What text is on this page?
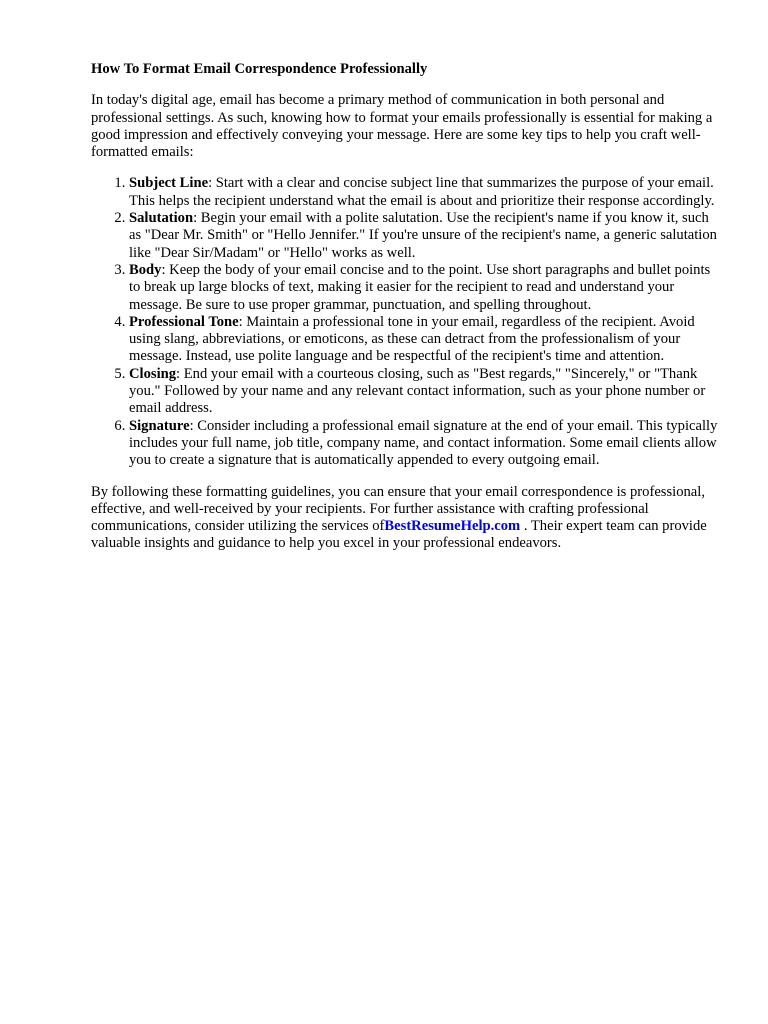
How To Format Email Correspondence Professionally

In today's digital age, email has become a primary method of communication in both personal and professional settings. As such, knowing how to format your emails professionally is essential for making a good impression and effectively conveying your message. Here are some key tips to help you craft well-formatted emails:

1. Subject Line: Start with a clear and concise subject line that summarizes the purpose of your email. This helps the recipient understand what the email is about and prioritize their response accordingly.
2. Salutation: Begin your email with a polite salutation. Use the recipient's name if you know it, such as "Dear Mr. Smith" or "Hello Jennifer." If you're unsure of the recipient's name, a generic salutation like "Dear Sir/Madam" or "Hello" works as well.
3. Body: Keep the body of your email concise and to the point. Use short paragraphs and bullet points to break up large blocks of text, making it easier for the recipient to read and understand your message. Be sure to use proper grammar, punctuation, and spelling throughout.
4. Professional Tone: Maintain a professional tone in your email, regardless of the recipient. Avoid using slang, abbreviations, or emoticons, as these can detract from the professionalism of your message. Instead, use polite language and be respectful of the recipient's time and attention.
5. Closing: End your email with a courteous closing, such as "Best regards," "Sincerely," or "Thank you." Followed by your name and any relevant contact information, such as your phone number or email address.
6. Signature: Consider including a professional email signature at the end of your email. This typically includes your full name, job title, company name, and contact information. Some email clients allow you to create a signature that is automatically appended to every outgoing email.

By following these formatting guidelines, you can ensure that your email correspondence is professional, effective, and well-received by your recipients. For further assistance with crafting professional communications, consider utilizing the services ofBestResumeHelp.com . Their expert team can provide valuable insights and guidance to help you excel in your professional endeavors.
